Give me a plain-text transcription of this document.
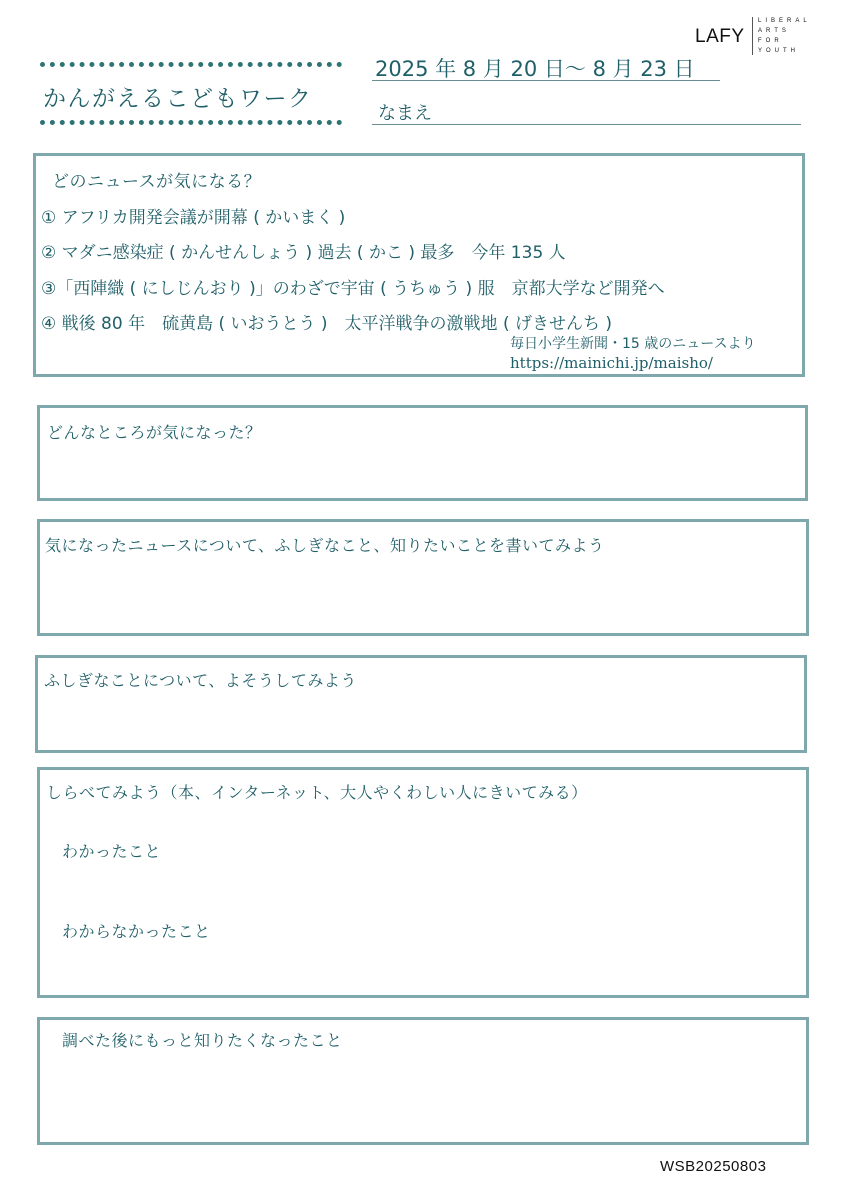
LAFY
LIBERAL
ARTS
FOR
YOUTH
かんがえるこどもワーク
2025 年 8 月 20 日～ 8 月 23 日
なまえ
どのニュースが気になる？
① アフリカ開発会議が開幕 ( かいまく )
② マダニ感染症 ( かんせんしょう ) 過去 ( かこ ) 最多　今年 135 人
③「西陣織 ( にしじんおり )」のわざで宇宙 ( うちゅう ) 服　京都大学など開発へ
④ 戦後 80 年　硫黄島 ( いおうとう )　太平洋戦争の激戦地 ( げきせんち )
毎日小学生新聞・15 歳のニュースより
https://mainichi.jp/maisho/
どんなところが気になった？
気になったニュースについて、ふしぎなこと、知りたいことを書いてみよう
ふしぎなことについて、よそうしてみよう
しらべてみよう（本、インターネット、大人やくわしい人にきいてみる）
わかったこと
わからなかったこと
調べた後にもっと知りたくなったこと
WSB20250803
